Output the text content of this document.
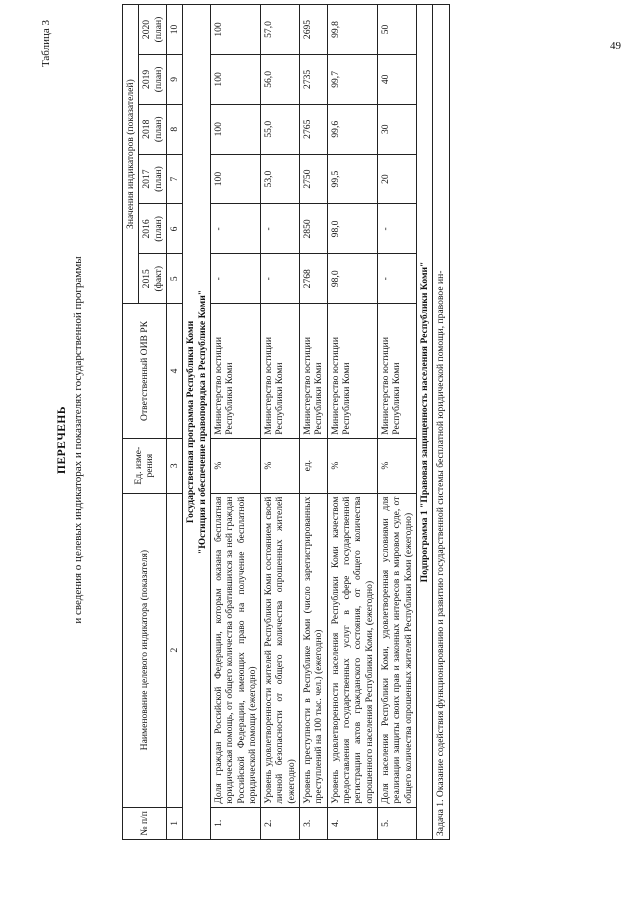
49
Таблица 3
ПЕРЕЧЕНЬ и сведения о целевых индикаторах и показателях государственной программы
№ п/п	Наименование целевого индикатора (показателя)	Ед. изме-рения	Ответственный ОИВ РК	Значения индикаторов (показателей)					
				2015 (факт)	2016 (план)	2017 (план)	2018 (план)	2019 (план)	2020 (план)
1	2	3	4	5	6	7	8	9	10

Государственная программа Республики Коми "Юстиция и обеспечение правопорядка в Республике Коми"									

1.	Доля граждан Российской Федерации, которым оказана бесплатная юридическая помощь, от общего количества обратившихся за ней граждан Российской Федерации, имеющих право на получение бесплатной юридической помощи (ежегодно)	%	Министерство юстиции Республики Коми	-	-	100	100	100	100
2.	Уровень удовлетворенности жителей Республики Коми состоянием своей личной безопасности от общего количества опрошенных жителей (ежегодно)	%	Министерство юстиции Республики Коми	-	-	53,0	55,0	56,0	57,0
3.	Уровень преступности в Республике Коми (число зарегистрированных преступлений на 100 тыс. чел.) (ежегодно)	ед.	Министерство юстиции Республики Коми	2768	2850	2750	2765	2735	2695
4.	Уровень удовлетворенности населения Республики Коми качеством предоставления государственных услуг в сфере государственной регистрации актов гражданского состояния, от общего количества опрошенного населения Республики Коми, (ежегодно)	%	Министерство юстиции Республики Коми	98,0	98,0	99,5	99,6	99,7	99,8
5.	Доля населения Республики Коми, удовлетворенная условиями для реализации защиты своих прав и законных интересов в мировом суде, от общего количества опрошенных жителей Республики Коми (ежегодно)	%	Министерство юстиции Республики Коми	-	-	20	30	40	50
Подпрограмма 1 "Правовая защищенность населения Республики Коми"									
Задача 1. Оказание содействия функционированию и развитию государственной системы бесплатной юридической помощи, правовое ин-									
